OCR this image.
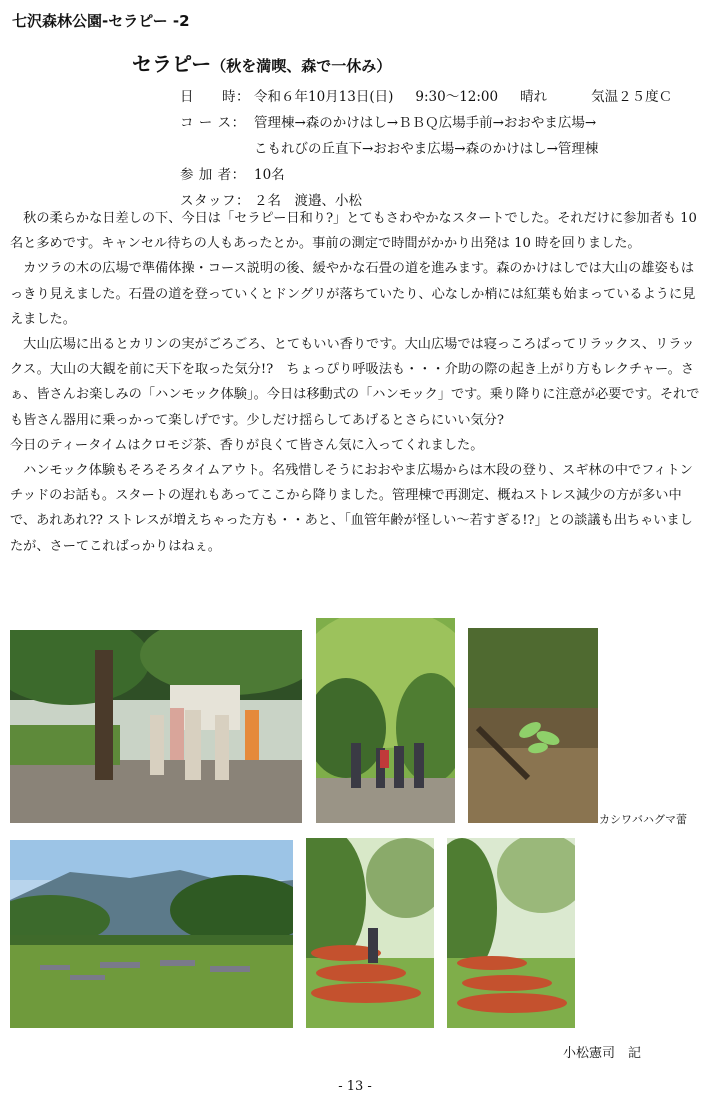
七沢森林公園-セラピー -2
セラピー（秋を満喫、森で一休み）
日　　時： 令和６年10月13日(日) 9:30～12:00 晴れ	気温２５度Ｃ
コ ー ス： 管理棟→森のかけはし→ＢＢＱ広場手前→おおやま広場→
こもれびの丘直下→おおやま広場→森のかけはし→管理棟
参 加 者： 10名
スタッフ： ２名　渡邉、小松

　秋の柔らかな日差しの下、今日は「セラピー日和り?」とてもさわやかなスタートでした。それだけに参加者も 10名と多めです。キャンセル待ちの人もあったとか。事前の測定で時間がかかり出発は 10 時を回りました。

　カツラの木の広場で準備体操・コース説明の後、緩やかな石畳の道を進みます。森のかけはしでは大山の雄姿もはっきり見えました。石畳の道を登っていくとドングリが落ちていたり、心なしか梢には紅葉も始まっているように見えました。

　大山広場に出るとカリンの実がごろごろ、とてもいい香りです。大山広場では寝っころばってリラックス、リラックス。大山の大観を前に天下を取った気分!?　ちょっぴり呼吸法も・・・介助の際の起き上がり方もレクチャー。さぁ、皆さんお楽しみの「ハンモック体験」。今日は移動式の「ハンモック」です。乗り降りに注意が必要です。それでも皆さん器用に乗っかって楽しげです。少しだけ揺らしてあげるとさらにいい気分?

今日のティータイムはクロモジ茶、香りが良くて皆さん気に入ってくれました。

　ハンモック体験もそろそろタイムアウト。名残惜しそうにおおやま広場からは木段の登り、スギ林の中でフィトンチッドのお話も。スタートの遅れもあってここから降りました。管理棟で再測定、概ねストレス減少の方が多い中で、あれあれ?? ストレスが増えちゃった方も・・あと、「血管年齢が怪しい～若すぎる!?」との談議も出ちゃいましたが、さーてこればっかりはねぇ。

カシワバハグマ蕾
小松憲司　記
- 13 -
